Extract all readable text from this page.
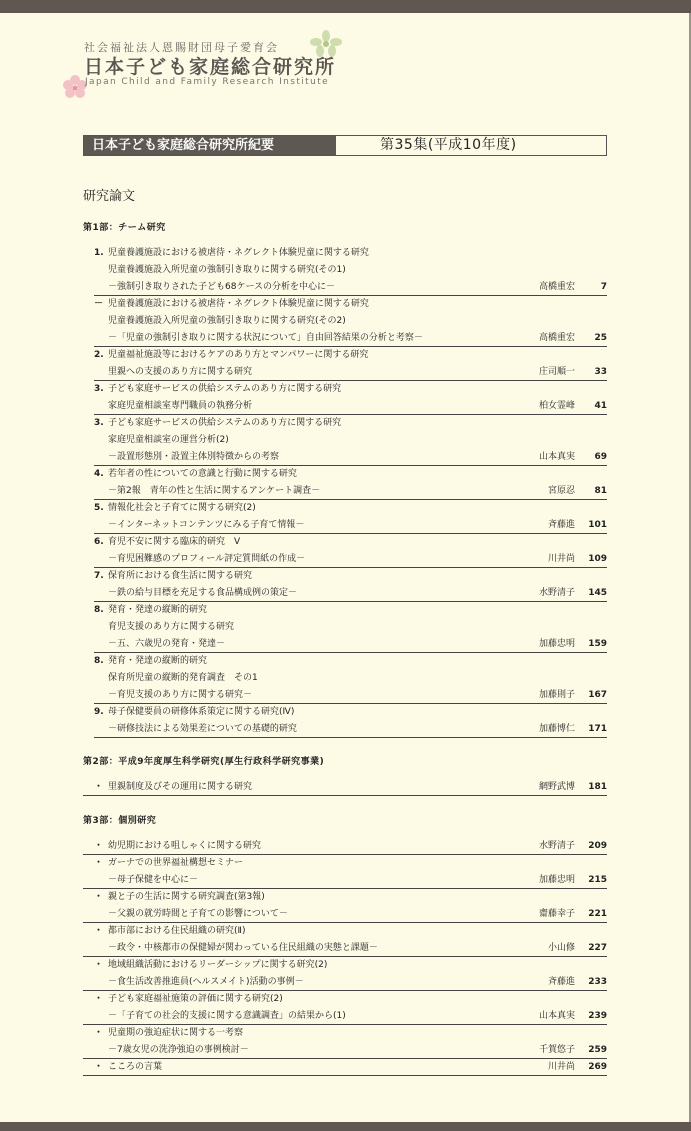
社会福祉法人恩賜財団母子愛育会
日本子ども家庭総合研究所
Japan Child and Family Research Institute
日本子ども家庭総合研究所紀要	第35集(平成10年度)
研究論文
第1部：チーム研究
1. 児童養護施設における被虐待・ネグレクト体験児童に関する研究
児童養護施設入所児童の強制引き取りに関する研究(その1)
－強制引き取りされた子ども68ケースの分析を中心に－	高橋重宏	7
－ 児童養護施設における被虐待・ネグレクト体験児童に関する研究
児童養護施設入所児童の強制引き取りに関する研究(その2)
－「児童の強制引き取りに関する状況について」自由回答結果の分析と考察－	高橋重宏	25
2. 児童福祉施設等におけるケアのあり方とマンパワーに関する研究
里親への支援のあり方に関する研究	庄司順一	33
3. 子ども家庭サービスの供給システムのあり方に関する研究
家庭児童相談室専門職員の執務分析	柏女霊峰	41
3. 子ども家庭サービスの供給システムのあり方に関する研究
家庭児童相談室の運営分析(2)
－設置形態別・設置主体別特徴からの考察	山本真実	69
4. 若年者の性についての意識と行動に関する研究
－第2報　青年の性と生活に関するアンケート調査－	宮原忍	81
5. 情報化社会と子育てに関する研究(2)
－インターネットコンテンツにみる子育て情報－	斉藤進	101
6. 育児不安に関する臨床的研究　Ⅴ
－育児困難感のプロフィール評定質問紙の作成－	川井尚	109
7. 保育所における食生活に関する研究
－鉄の給与目標を充足する食品構成例の策定－	水野清子	145
8. 発育・発達の縦断的研究
育児支援のあり方に関する研究
－五、六歳児の発育・発達－	加藤忠明	159
8. 発育・発達の縦断的研究
保育所児童の縦断的発育調査　その1
－育児支援のあり方に関する研究－	加藤則子	167
9. 母子保健要員の研修体系策定に関する研究(Ⅳ)
－研修技法による効果差についての基礎的研究	加藤博仁	171
第2部：平成9年度厚生科学研究(厚生行政科学研究事業)
・ 里親制度及びその運用に関する研究	網野武博	181
第3部：個別研究
・ 幼児期における咀しゃくに関する研究	水野清子	209
・ ガーナでの世界福祉構想セミナー
－母子保健を中心に－	加藤忠明	215
・ 親と子の生活に関する研究調査(第3報)
－父親の就労時間と子育ての影響について－	齋藤幸子	221
・ 都市部における住民組織の研究(Ⅱ)
－政令・中核都市の保健婦が関わっている住民組織の実態と課題－	小山修	227
・ 地域組織活動におけるリーダーシップに関する研究(2)
－食生活改善推進員(ヘルスメイト)活動の事例－	斉藤進	233
・ 子ども家庭福祉施策の評価に関する研究(2)
－「子育ての社会的支援に関する意識調査」の結果から(1)	山本真実	239
・ 児童期の強迫症状に関する一考察
－7歳女児の洗浄強迫の事例検討－	千賀悠子	259
・ こころの言葉	川井尚	269
